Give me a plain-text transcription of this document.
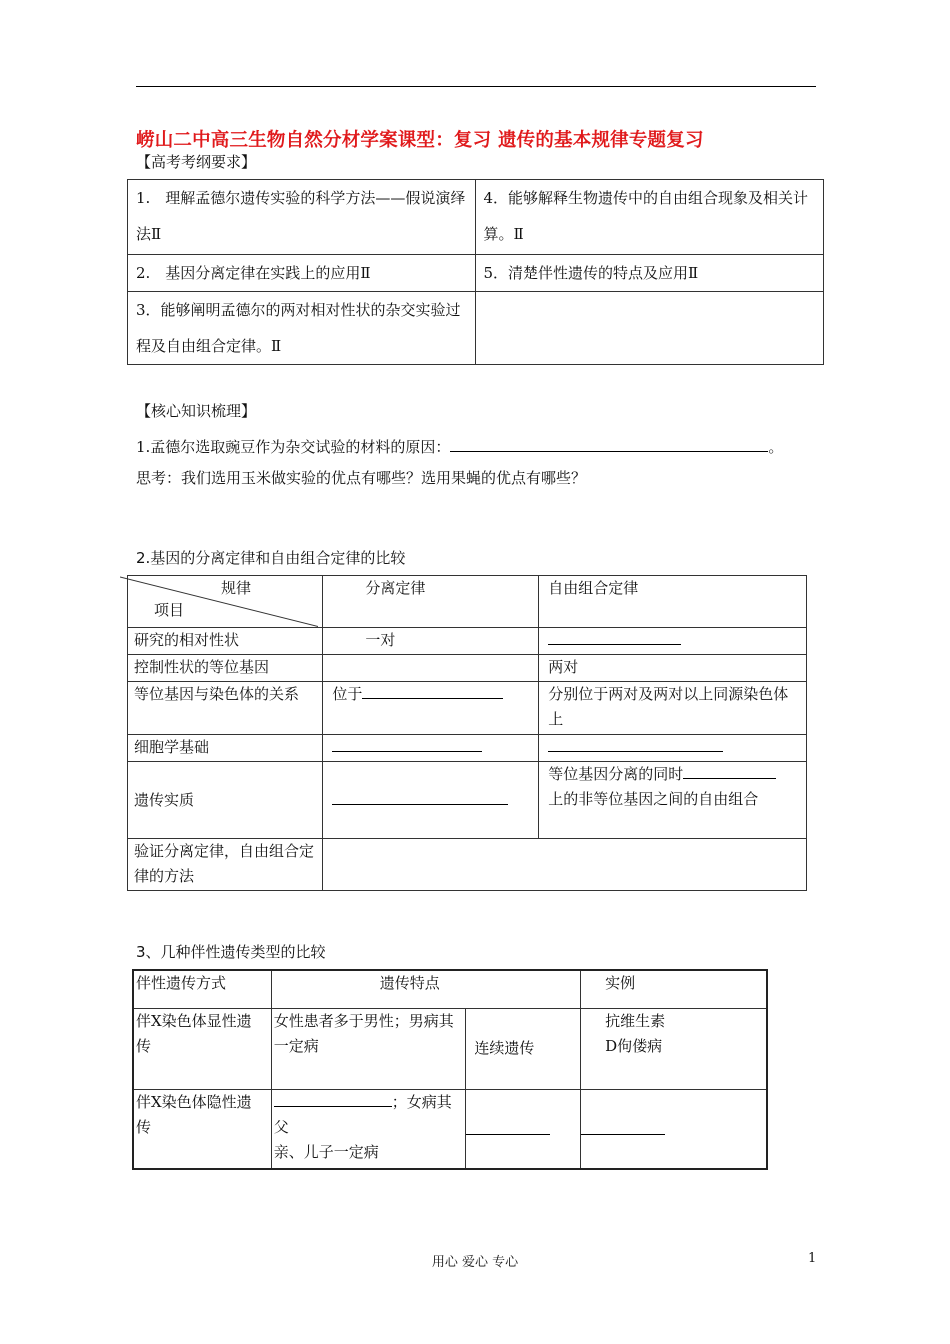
崂山二中高三生物自然分材学案课型：复习 遗传的基本规律专题复习
【高考考纲要求】
1.　理解孟德尔遗传实验的科学方法——假说演绎法Ⅱ	4．能够解释生物遗传中的自由组合现象及相关计算。Ⅱ
2.　基因分离定律在实践上的应用Ⅱ	5．清楚伴性遗传的特点及应用Ⅱ
3．能够阐明孟德尔的两对相对性状的杂交实验过程及自由组合定律。Ⅱ	
【核心知识梳理】
1.孟德尔选取豌豆作为杂交试验的材料的原因：	。
思考：我们选用玉米做实验的优点有哪些？选用果蝇的优点有哪些？
2.基因的分离定律和自由组合定律的比较
规律
项目	分离定律	自由组合定律
研究的相对性状	一对	
控制性状的等位基因		两对
等位基因与染色体的关系	位于	分别位于两对及两对以上同源染色体上
细胞学基础		
遗传实质		等位基因分离的同时
上的非等位基因之间的自由组合
验证分离定律，自由组合定律的方法		
3、几种伴性遗传类型的比较
伴性遗传方式	遗传特点		实例
伴X染色体显性遗传	女性患者多于男性；男病其一定病	连续遗传	抗维生素
D佝偻病
伴X染色体隐性遗传	；女病其父
亲、儿子一定病	

用心 爱心 专心	1
